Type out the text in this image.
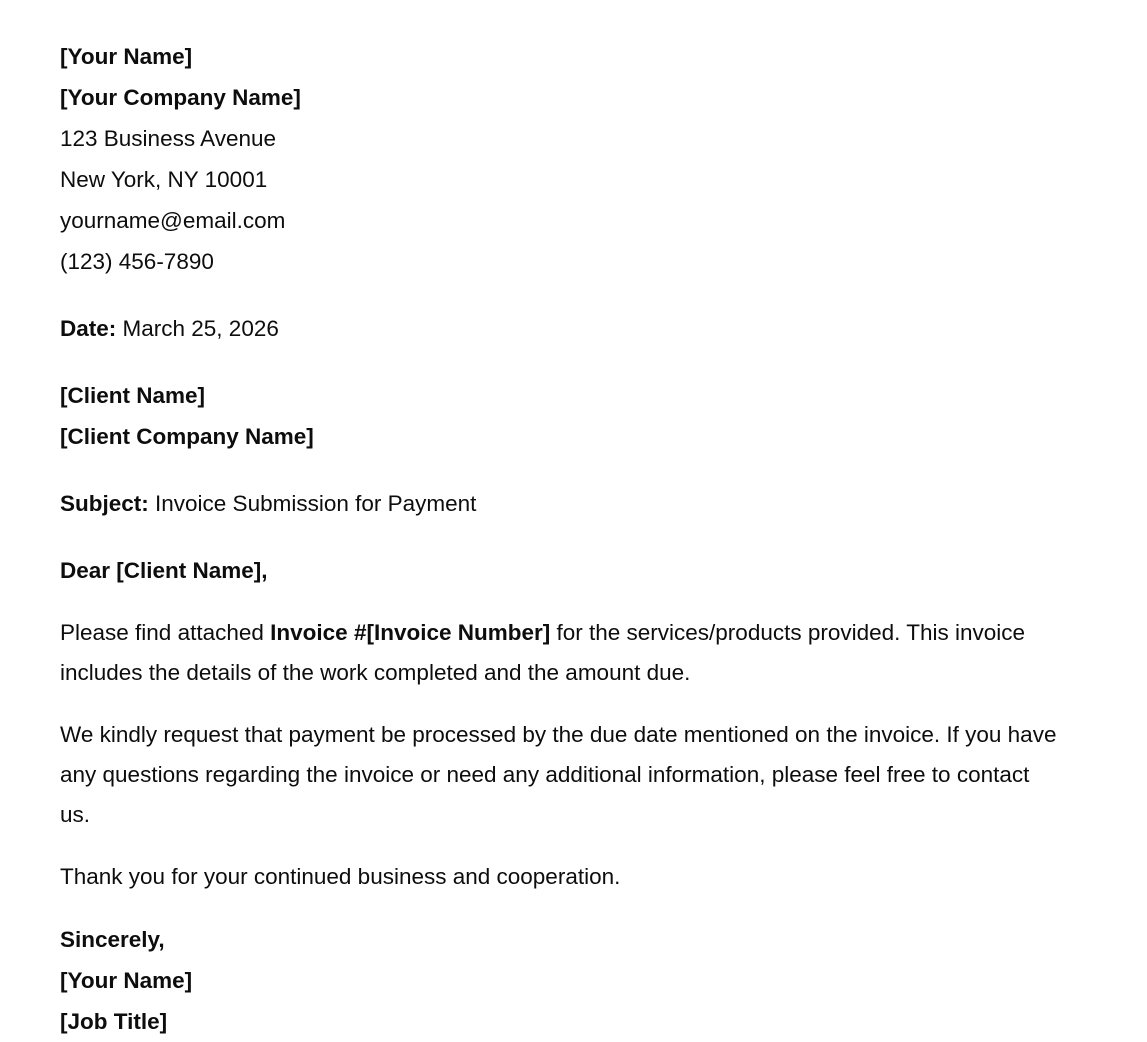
[Your Name]
[Your Company Name]
123 Business Avenue
New York, NY 10001
yourname@email.com
(123) 456-7890
Date: March 25, 2026
[Client Name]
[Client Company Name]
Subject: Invoice Submission for Payment
Dear [Client Name],
Please find attached Invoice #[Invoice Number] for the services/products provided. This invoice includes the details of the work completed and the amount due.
We kindly request that payment be processed by the due date mentioned on the invoice. If you have any questions regarding the invoice or need any additional information, please feel free to contact us.
Thank you for your continued business and cooperation.
Sincerely,
[Your Name]
[Job Title]
